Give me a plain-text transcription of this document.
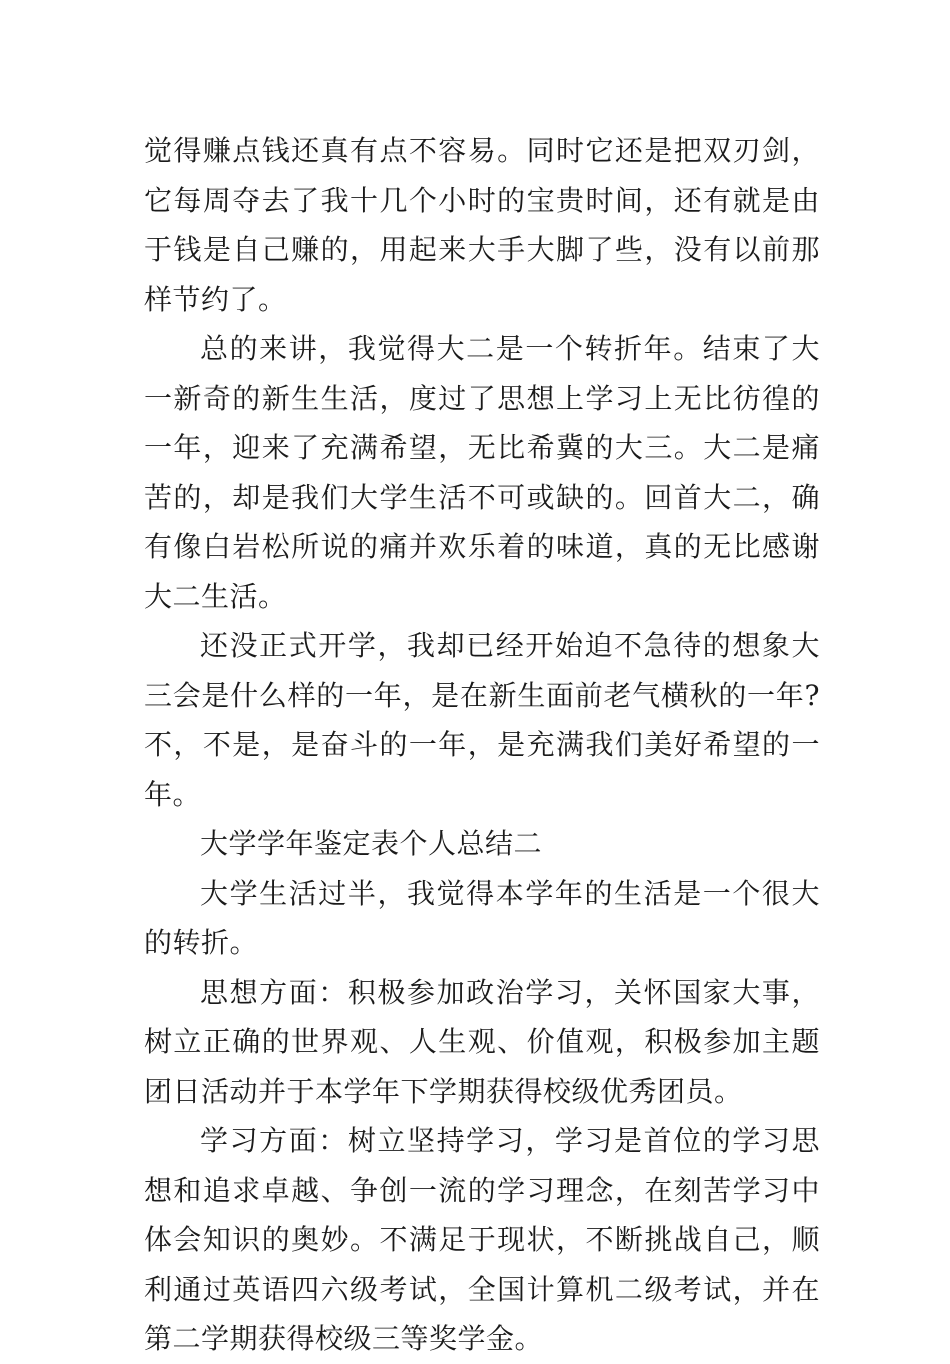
觉得赚点钱还真有点不容易。同时它还是把双刃剑，它每周夺去了我十几个小时的宝贵时间，还有就是由于钱是自己赚的，用起来大手大脚了些，没有以前那样节约了。

总的来讲，我觉得大二是一个转折年。结束了大一新奇的新生生活，度过了思想上学习上无比彷徨的一年，迎来了充满希望，无比希冀的大三。大二是痛苦的，却是我们大学生活不可或缺的。回首大二，确有像白岩松所说的痛并欢乐着的味道，真的无比感谢大二生活。

还没正式开学，我却已经开始迫不急待的想象大三会是什么样的一年，是在新生面前老气横秋的一年?不，不是，是奋斗的一年，是充满我们美好希望的一年。

大学学年鉴定表个人总结二

大学生活过半，我觉得本学年的生活是一个很大的转折。

思想方面：积极参加政治学习，关怀国家大事，树立正确的世界观、人生观、价值观，积极参加主题团日活动并于本学年下学期获得校级优秀团员。

学习方面：树立坚持学习，学习是首位的学习思想和追求卓越、争创一流的学习理念，在刻苦学习中体会知识的奥妙。不满足于现状，不断挑战自己，顺利通过英语四六级考试，全国计算机二级考试，并在第二学期获得校级三等奖学金。
